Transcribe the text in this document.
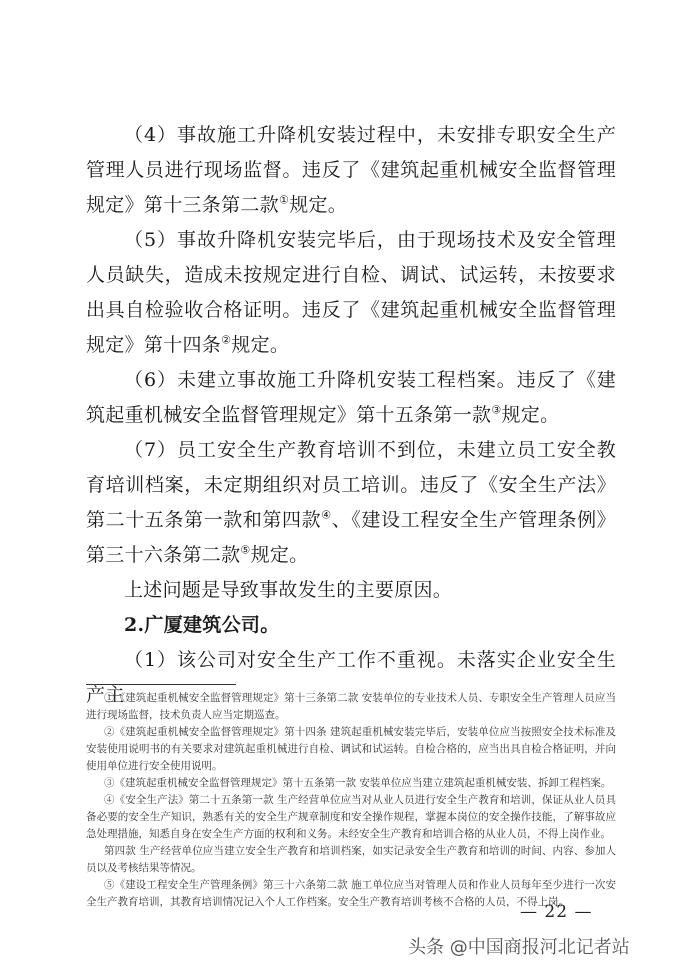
（4）事故施工升降机安装过程中，未安排专职安全生产管理人员进行现场监督。违反了《建筑起重机械安全监督管理规定》第十三条第二款①规定。

（5）事故升降机安装完毕后，由于现场技术及安全管理人员缺失，造成未按规定进行自检、调试、试运转，未按要求出具自检验收合格证明。违反了《建筑起重机械安全监督管理规定》第十四条②规定。

（6）未建立事故施工升降机安装工程档案。违反了《建筑起重机械安全监督管理规定》第十五条第一款③规定。

（7）员工安全生产教育培训不到位，未建立员工安全教育培训档案，未定期组织对员工培训。违反了《安全生产法》第二十五条第一款和第四款④、《建设工程安全生产管理条例》第三十六条第二款⑤规定。

上述问题是导致事故发生的主要原因。

2.广厦建筑公司。

（1）该公司对安全生产工作不重视。未落实企业安全生产主

①《建筑起重机械安全监督管理规定》第十三条第二款 安装单位的专业技术人员、专职安全生产管理人员应当进行现场监督，技术负责人应当定期巡查。

②《建筑起重机械安全监督管理规定》第十四条 建筑起重机械安装完毕后，安装单位应当按照安全技术标准及安装使用说明书的有关要求对建筑起重机械进行自检、调试和试运转。自检合格的，应当出具自检合格证明，并向使用单位进行安全使用说明。

③《建筑起重机械安全监督管理规定》第十五条第一款 安装单位应当建立建筑起重机械安装、拆卸工程档案。

④《安全生产法》第二十五条第一款 生产经营单位应当对从业人员进行安全生产教育和培训，保证从业人员具备必要的安全生产知识，熟悉有关的安全生产规章制度和安全操作规程，掌握本岗位的安全操作技能，了解事故应急处理措施，知悉自身在安全生产方面的权利和义务。未经安全生产教育和培训合格的从业人员，不得上岗作业。

第四款 生产经营单位应当建立安全生产教育和培训档案，如实记录安全生产教育和培训的时间、内容、参加人员以及考核结果等情况。

⑤《建设工程安全生产管理条例》第三十六条第二款 施工单位应当对管理人员和作业人员每年至少进行一次安全生产教育培训，其教育培训情况记入个人工作档案。安全生产教育培训考核不合格的人员，不得上岗。

— 22 —
头条 @中国商报河北记者站
